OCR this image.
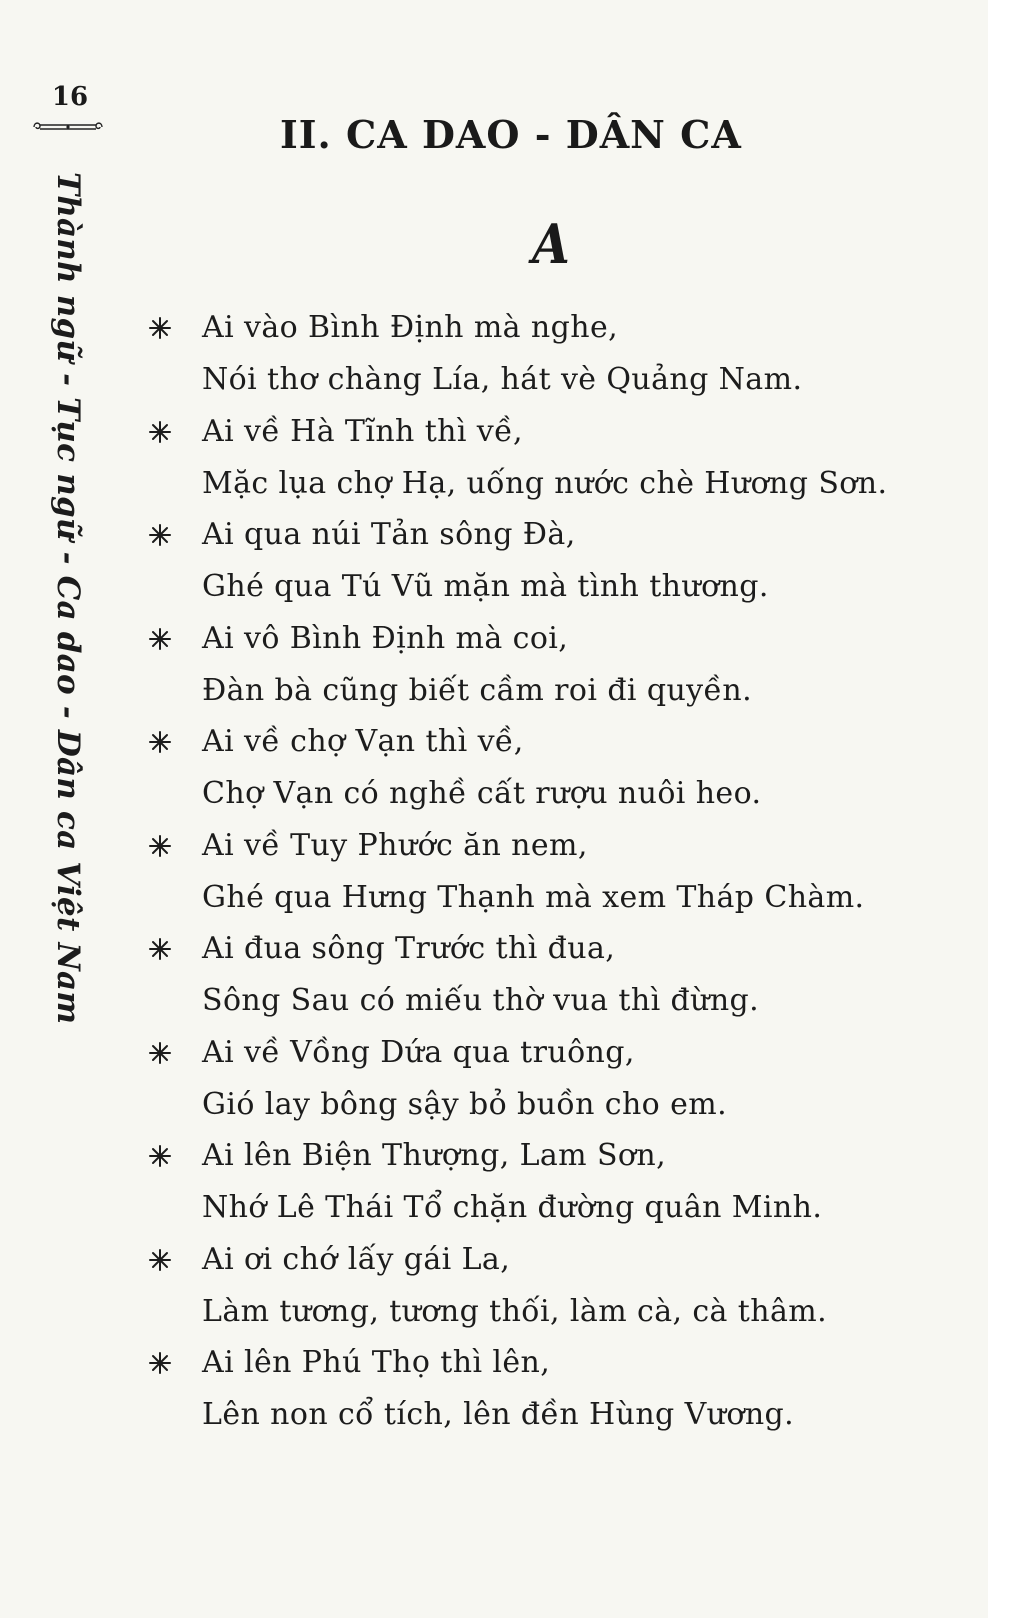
16
Thành ngữ - Tục ngữ - Ca dao - Dân ca Việt Nam
II. CA DAO - DÂN CA
A
Ai vào Bình Định mà nghe,
Nói thơ chàng Lía, hát vè Quảng Nam.
Ai về Hà Tĩnh thì về,
Mặc lụa chợ Hạ, uống nước chè Hương Sơn.
Ai qua núi Tản sông Đà,
Ghé qua Tú Vũ mặn mà tình thương.
Ai vô Bình Định mà coi,
Đàn bà cũng biết cầm roi đi quyền.
Ai về chợ Vạn thì về,
Chợ Vạn có nghề cất rượu nuôi heo.
Ai về Tuy Phước ăn nem,
Ghé qua Hưng Thạnh mà xem Tháp Chàm.
Ai đua sông Trước thì đua,
Sông Sau có miếu thờ vua thì đừng.
Ai về Vồng Dứa qua truông,
Gió lay bông sậy bỏ buồn cho em.
Ai lên Biện Thượng, Lam Sơn,
Nhớ Lê Thái Tổ chặn đường quân Minh.
Ai ơi chớ lấy gái La,
Làm tương, tương thối, làm cà, cà thâm.
Ai lên Phú Thọ thì lên,
Lên non cổ tích, lên đền Hùng Vương.
